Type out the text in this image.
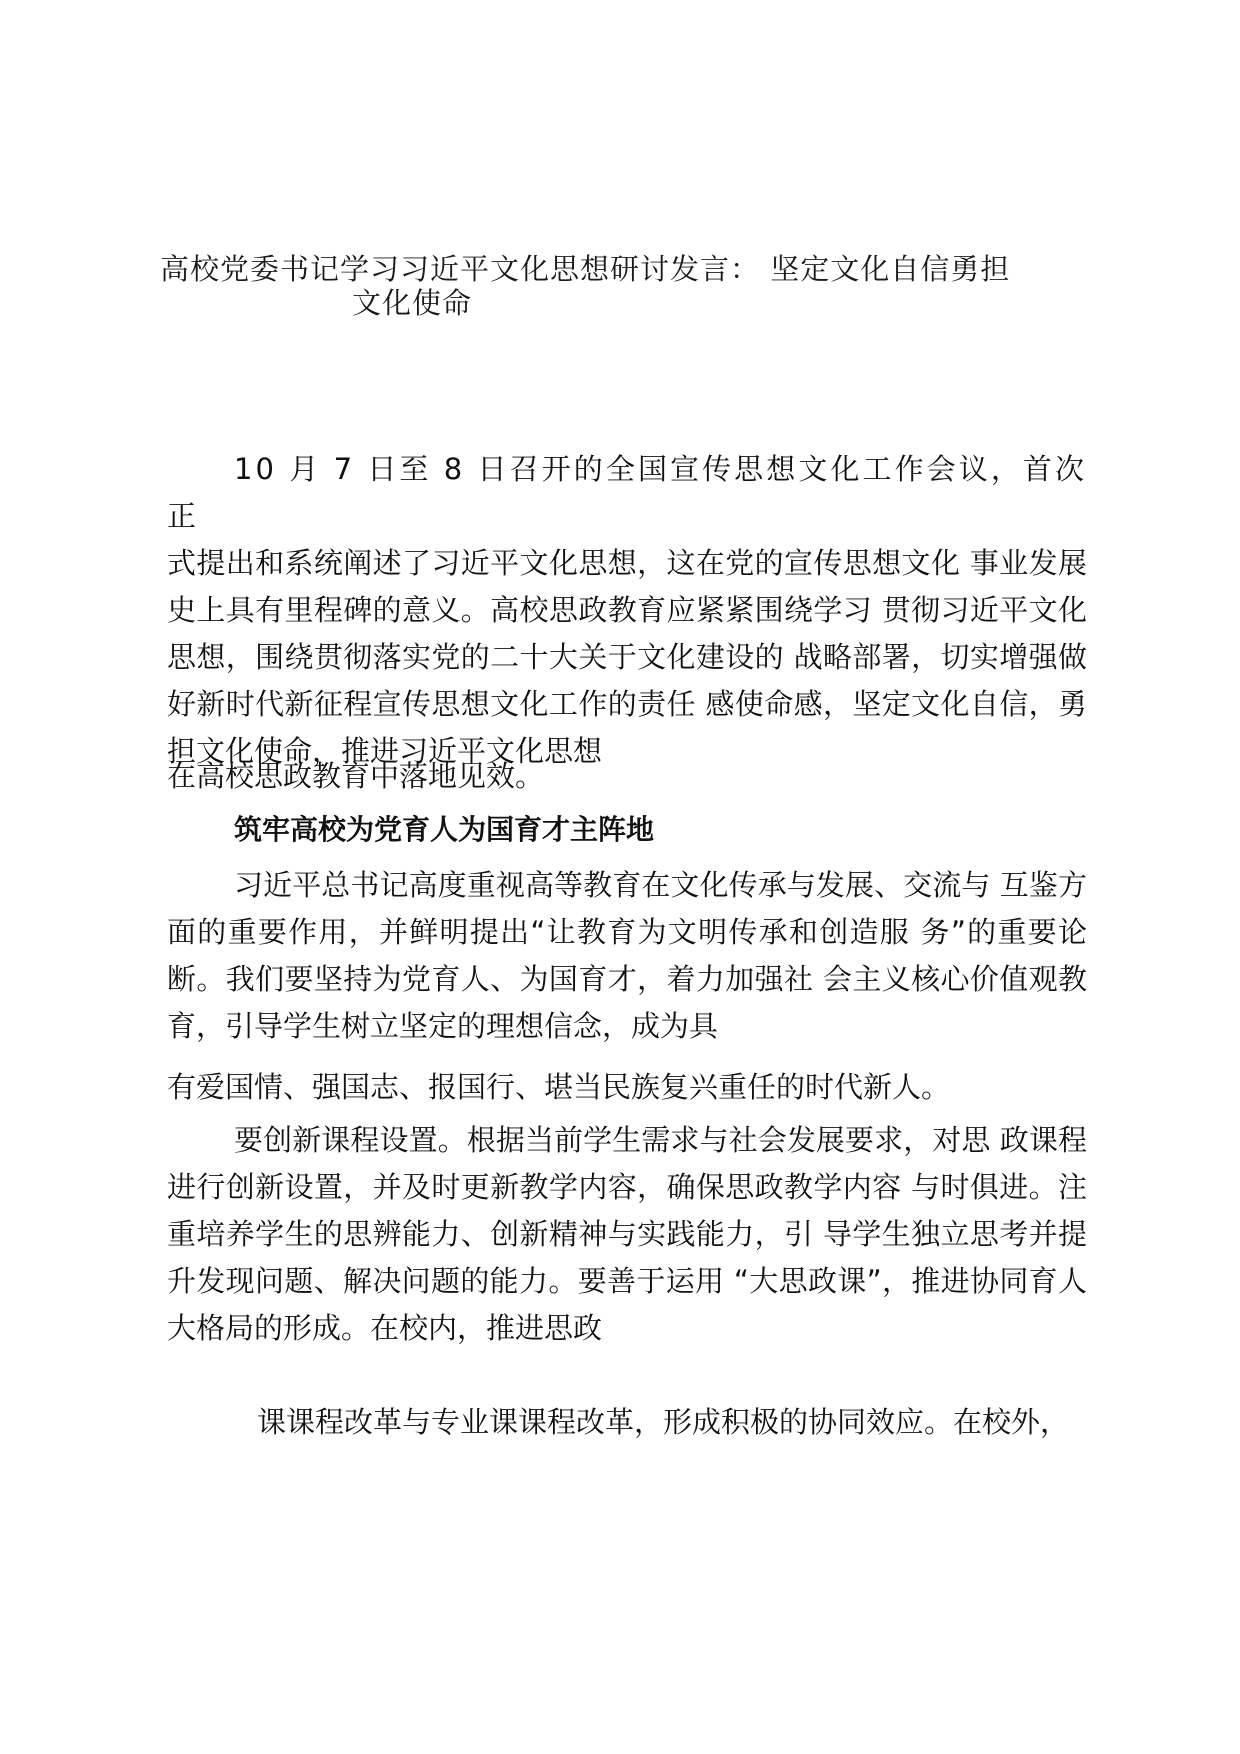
高校党委书记学习习近平文化思想研讨发言： 坚定文化自信勇担
文化使命
10 月 7 日至 8 日召开的全国宣传思想文化工作会议，首次 正
式提出和系统阐述了习近平文化思想，这在党的宣传思想文化 事业发展史上具有里程碑的意义。高校思政教育应紧紧围绕学习 贯彻习近平文化思想，围绕贯彻落实党的二十大关于文化建设的 战略部署，切实增强做好新时代新征程宣传思想文化工作的责任 感使命感，坚定文化自信，勇担文化使命，推进习近平文化思想
在高校思政教育中落地见效。
筑牢高校为党育人为国育才主阵地
习近平总书记高度重视高等教育在文化传承与发展、交流与 互鉴方面的重要作用，并鲜明提出“让教育为文明传承和创造服 务”的重要论断。我们要坚持为党育人、为国育才，着力加强社 会主义核心价值观教育，引导学生树立坚定的理想信念，成为具
有爱国情、强国志、报国行、堪当民族复兴重任的时代新人。
要创新课程设置。根据当前学生需求与社会发展要求，对思 政课程进行创新设置，并及时更新教学内容，确保思政教学内容 与时俱进。注重培养学生的思辨能力、创新精神与实践能力，引 导学生独立思考并提升发现问题、解决问题的能力。要善于运用 “大思政课”，推进协同育人大格局的形成。在校内，推进思政
课课程改革与专业课课程改革，形成积极的协同效应。在校外，
